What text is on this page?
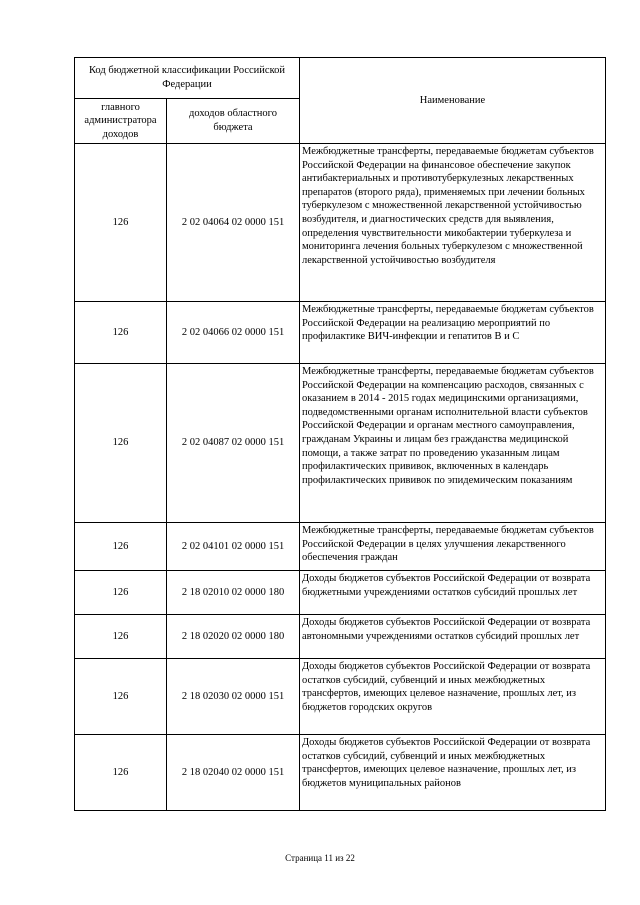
Код бюджетной классификации Российской Федерации		Наименование
главного администратора доходов	доходов областного бюджета	
126	2 02 04064 02 0000 151	Межбюджетные трансферты, передаваемые бюджетам субъектов Российской Федерации на финансовое обеспечение закупок антибактериальных и противотуберкулезных лекарственных препаратов (второго ряда), применяемых при лечении больных туберкулезом с множественной лекарственной устойчивостью возбудителя, и диагностических средств для выявления, определения чувствительности микобактерии туберкулеза и мониторинга лечения больных туберкулезом с множественной лекарственной устойчивостью возбудителя
126	2 02 04066 02 0000 151	Межбюджетные трансферты, передаваемые бюджетам субъектов Российской Федерации на реализацию мероприятий по профилактике ВИЧ-инфекции и гепатитов B и C
126	2 02 04087 02 0000 151	Межбюджетные трансферты, передаваемые бюджетам субъектов Российской Федерации на компенсацию расходов, связанных с оказанием в 2014 - 2015 годах медицинскими организациями, подведомственными органам исполнительной власти субъектов Российской Федерации и органам местного самоуправления, гражданам Украины и лицам без гражданства медицинской помощи, а также затрат по проведению указанным лицам профилактических прививок, включенных в календарь профилактических прививок по эпидемическим показаниям
126	2 02 04101 02 0000 151	Межбюджетные трансферты, передаваемые бюджетам субъектов Российской Федерации в целях улучшения лекарственного обеспечения граждан
126	2 18 02010 02 0000 180	Доходы бюджетов субъектов Российской Федерации от возврата бюджетными учреждениями остатков субсидий прошлых лет
126	2 18 02020 02 0000 180	Доходы бюджетов субъектов Российской Федерации от возврата автономными учреждениями остатков субсидий прошлых лет
126	2 18 02030 02 0000 151	Доходы бюджетов субъектов Российской Федерации от возврата остатков субсидий, субвенций и иных межбюджетных трансфертов, имеющих целевое назначение, прошлых лет, из бюджетов городских округов
126	2 18 02040 02 0000 151	Доходы бюджетов субъектов Российской Федерации от возврата остатков субсидий, субвенций и иных межбюджетных трансфертов, имеющих целевое назначение, прошлых лет, из бюджетов муниципальных районов
Страница 11 из 22
